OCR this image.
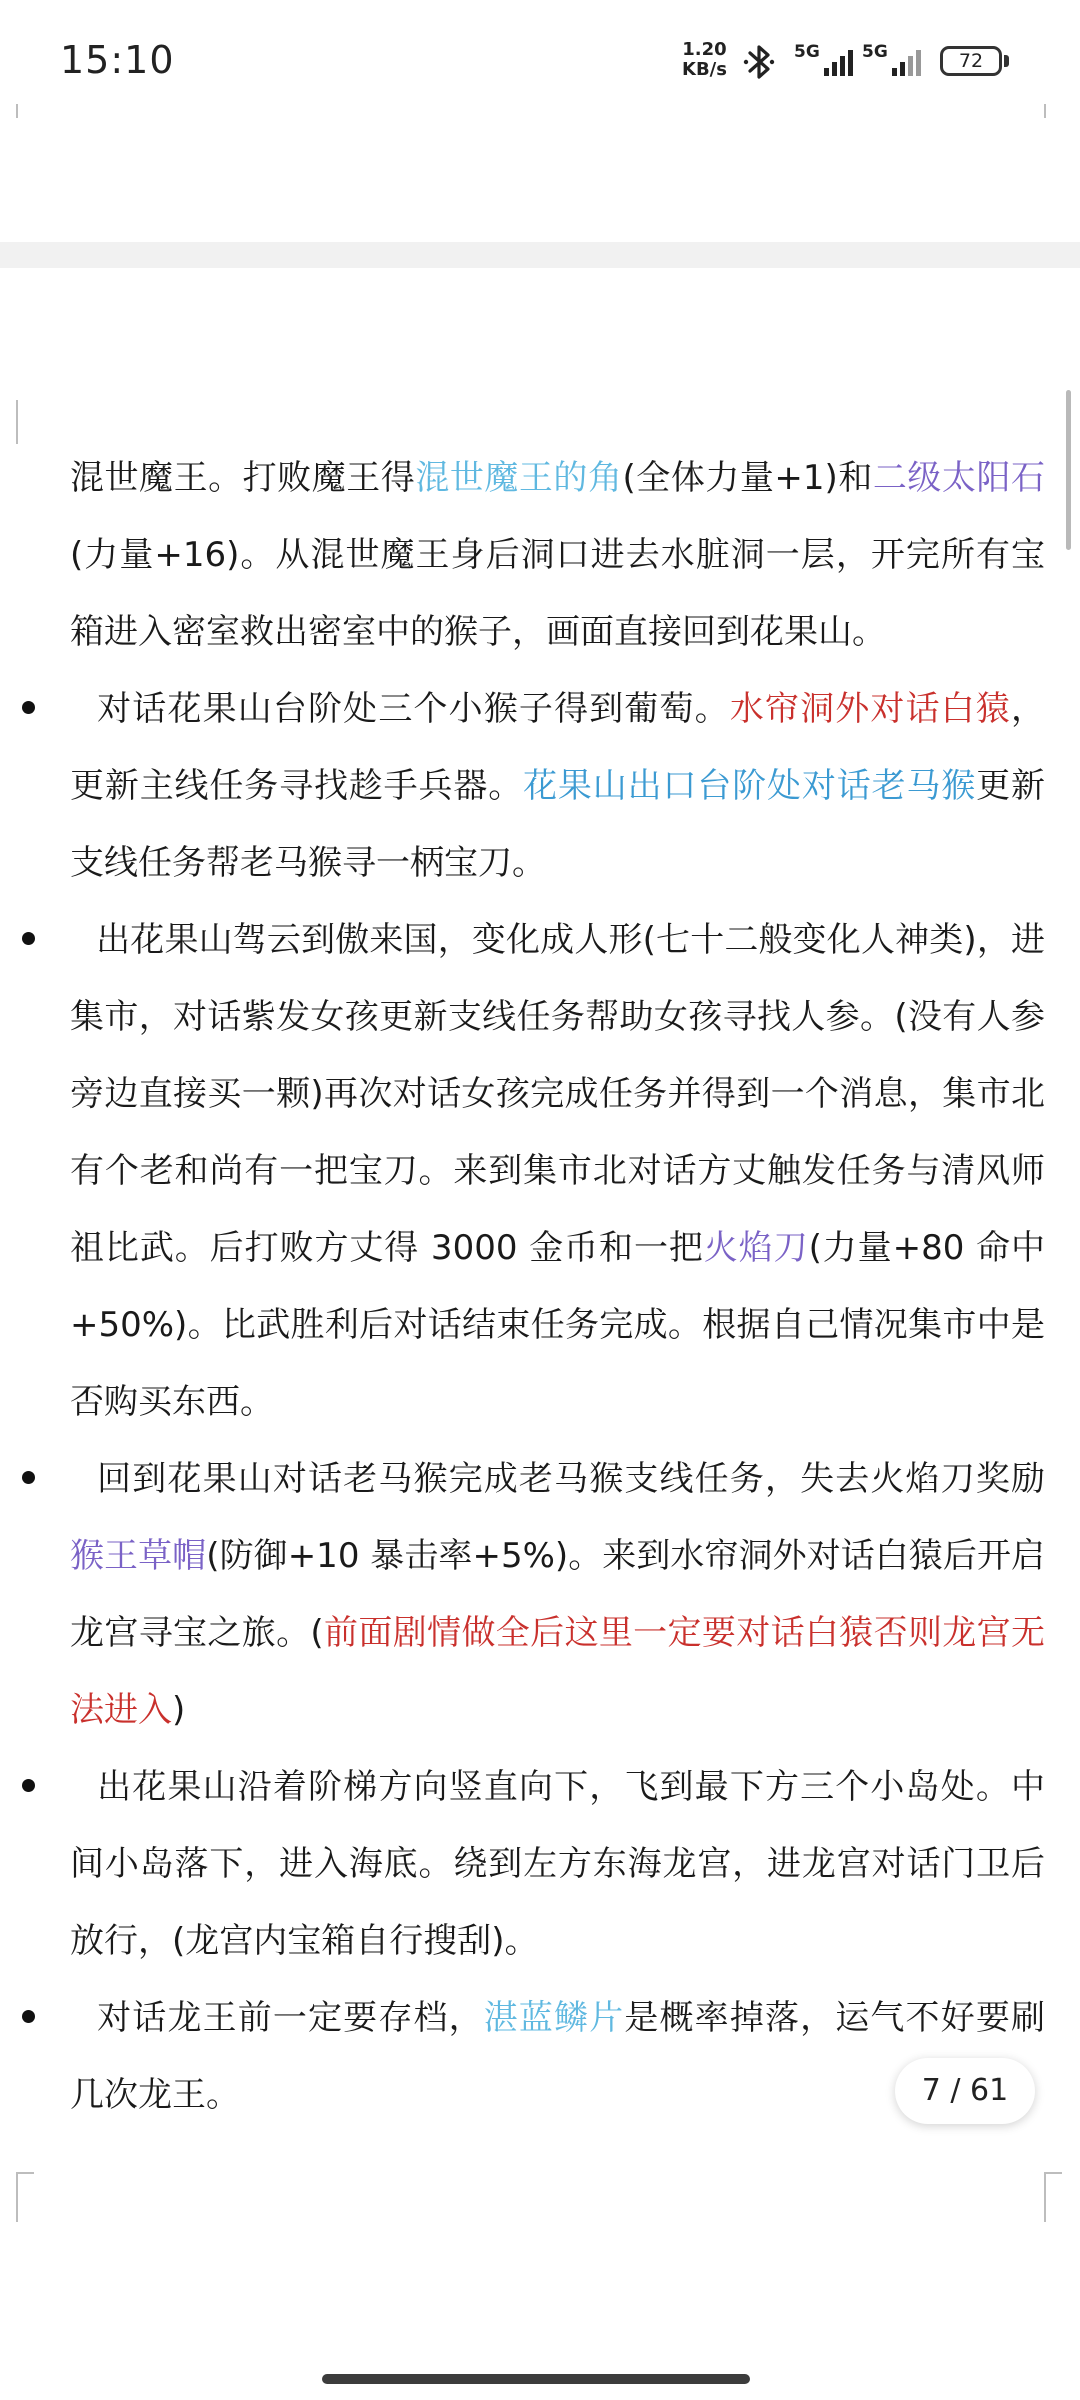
15:10	1.20
KB/s
5G 5G	72
混世魔王。打败魔王得混世魔王的角(全体力量+1)和二级太阳石(力量+16)。从混世魔王身后洞口进去水脏洞一层，开完所有宝箱进入密室救出密室中的猴子，画面直接回到花果山。
对话花果山台阶处三个小猴子得到葡萄。水帘洞外对话白猿，更新主线任务寻找趁手兵器。花果山出口台阶处对话老马猴更新支线任务帮老马猴寻一柄宝刀。
出花果山驾云到傲来国，变化成人形(七十二般变化人神类)，进集市，对话紫发女孩更新支线任务帮助女孩寻找人参。(没有人参旁边直接买一颗)再次对话女孩完成任务并得到一个消息，集市北有个老和尚有一把宝刀。来到集市北对话方丈触发任务与清风师祖比武。后打败方丈得 3000 金币和一把火焰刀(力量+80 命中+50%)。比武胜利后对话结束任务完成。根据自己情况集市中是否购买东西。
回到花果山对话老马猴完成老马猴支线任务，失去火焰刀奖励猴王草帽(防御+10 暴击率+5%)。来到水帘洞外对话白猿后开启龙宫寻宝之旅。(前面剧情做全后这里一定要对话白猿否则龙宫无法进入)
出花果山沿着阶梯方向竖直向下，飞到最下方三个小岛处。中间小岛落下，进入海底。绕到左方东海龙宫，进龙宫对话门卫后放行，(龙宫内宝箱自行搜刮)。
对话龙王前一定要存档，湛蓝鳞片是概率掉落，运气不好要刷几次龙王。	7 / 61
